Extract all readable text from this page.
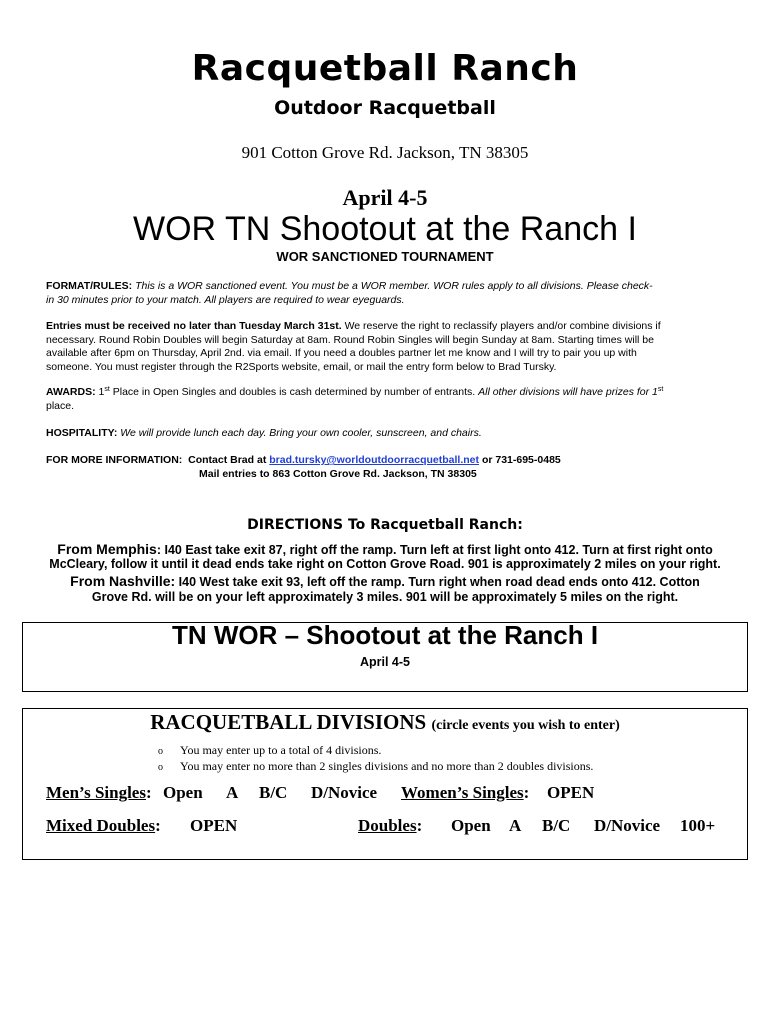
Racquetball Ranch
Outdoor Racquetball
901 Cotton Grove Rd. Jackson, TN 38305
April 4-5
WOR TN Shootout at the Ranch I
WOR SANCTIONED TOURNAMENT
FORMAT/RULES: This is a WOR sanctioned event. You must be a WOR member. WOR rules apply to all divisions. Please check-
in 30 minutes prior to your match. All players are required to wear eyeguards.
Entries must be received no later than Tuesday March 31st. We reserve the right to reclassify players and/or combine divisions if
necessary. Round Robin Doubles will begin Saturday at 8am. Round Robin Singles will begin Sunday at 8am. Starting times will be
available after 6pm on Thursday, April 2nd. via email. If you need a doubles partner let me know and I will try to pair you up with
someone. You must register through the R2Sports website, email, or mail the entry form below to Brad Tursky.
AWARDS: 1st Place in Open Singles and doubles is cash determined by number of entrants. All other divisions will have prizes for 1st
place.
HOSPITALITY: We will provide lunch each day. Bring your own cooler, sunscreen, and chairs.
FOR MORE INFORMATION: Contact Brad at brad.tursky@worldoutdoorracquetball.net or 731-695-0485
Mail entries to 863 Cotton Grove Rd. Jackson, TN 38305
DIRECTIONS To Racquetball Ranch:
From Memphis: I40 East take exit 87, right off the ramp. Turn left at first light onto 412. Turn at first right onto
McCleary, follow it until it dead ends take right on Cotton Grove Road. 901 is approximately 2 miles on your right.
From Nashville: I40 West take exit 93, left off the ramp. Turn right when road dead ends onto 412. Cotton
Grove Rd. will be on your left approximately 3 miles. 901 will be approximately 5 miles on the right.
TN WOR – Shootout at the Ranch I
April 4-5
RACQUETBALL DIVISIONS (circle events you wish to enter)
o You may enter up to a total of 4 divisions.
o You may enter no more than 2 singles divisions and no more than 2 doubles divisions.
Men’s Singles: Open A B/C D/Novice Women’s Singles: OPEN
Mixed Doubles: OPEN	Doubles: Open A B/C D/Novice 100+
